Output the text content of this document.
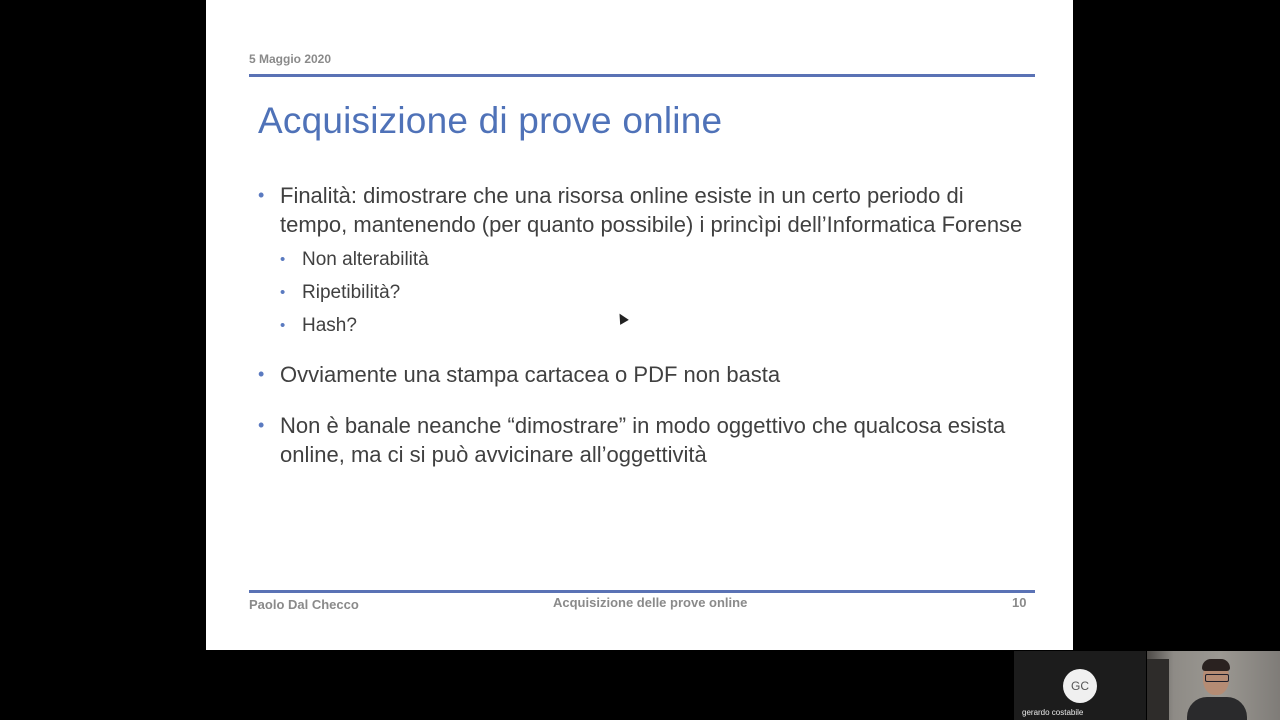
5 Maggio 2020
Acquisizione di prove online
• Finalità: dimostrare che una risorsa online esiste in un certo periodo di tempo, mantenendo (per quanto possibile) i princìpi dell’Informatica Forense
• Non alterabilità
• Ripetibilità?
• Hash?
• Ovviamente una stampa cartacea o PDF non basta
• Non è banale neanche “dimostrare” in modo oggettivo che qualcosa esista online, ma ci si può avvicinare all’oggettività
Paolo Dal Checco	Acquisizione delle prove online	10
GC
gerardo costabile
